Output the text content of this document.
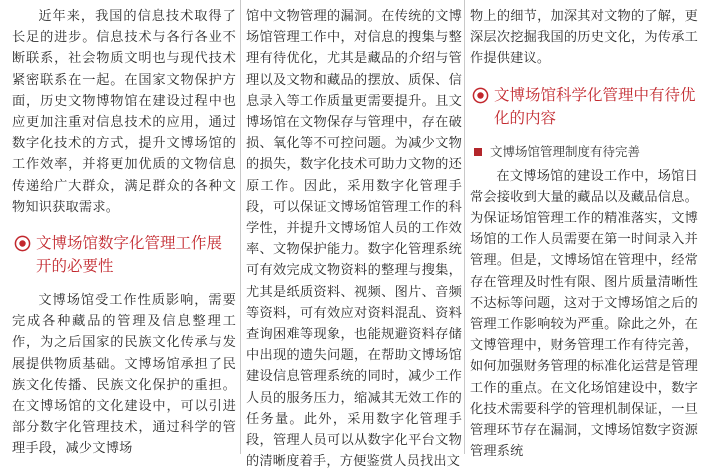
近年来，我国的信息技术取得了长足的进步。信息技术与各行各业不断联系，社会物质文明也与现代技术紧密联系在一起。在国家文物保护方面，历史文物博物馆在建设过程中也应更加注重对信息技术的应用，通过数字化技术的方式，提升文博场馆的工作效率，并将更加优质的文物信息传递给广大群众，满足群众的各种文物知识获取需求。

文博场馆数字化管理工作展开的必要性

文博场馆受工作性质影响，需要完成各种藏品的管理及信息整理工作，为之后国家的民族文化传承与发展提供物质基础。文博场馆承担了民族文化传播、民族文化保护的重担。在文博场馆的文化建设中，可以引进部分数字化管理技术，通过科学的管理手段，减少文博场

馆中文物管理的漏洞。在传统的文博场馆管理工作中，对信息的搜集与整理有待优化，尤其是藏品的介绍与管理以及文物和藏品的摆放、质保、信息录入等工作质量更需要提升。且文博场馆在文物保存与管理中，存在破损、氧化等不可控问题。为减少文物的损失，数字化技术可助力文物的还原工作。因此，采用数字化管理手段，可以保证文博场馆管理工作的科学性，并提升文博场馆人员的工作效率、文物保护能力。数字化管理系统可有效完成文物资料的整理与搜集，尤其是纸质资料、视频、图片、音频等资料，可有效应对资料混乱、资料查询困难等现象，也能规避资料存储中出现的遗失问题，在帮助文博场馆建设信息管理系统的同时，减少工作人员的服务压力，缩减其无效工作的任务量。此外，采用数字化管理手段，管理人员可以从数字化平台文物的清晰度着手，方便鉴赏人员找出文

物上的细节，加深其对文物的了解，更深层次挖掘我国的历史文化，为传承工作提供建议。

文博场馆科学化管理中有待优化的内容
文博场馆管理制度有待完善

在文博场馆的建设工作中，场馆日常会接收到大量的藏品以及藏品信息。为保证场馆管理工作的精准落实，文博场馆的工作人员需要在第一时间录入并管理。但是，文博场馆在管理中，经常存在管理及时性有限、图片质量清晰性不达标等问题，这对于文博场馆之后的管理工作影响较为严重。除此之外，在文博管理中，财务管理工作有待完善，如何加强财务管理的标准化运营是管理工作的重点。在文化场馆建设中，数字化技术需要科学的管理机制保证，一旦管理环节存在漏洞，文博场馆数字资源管理系统
